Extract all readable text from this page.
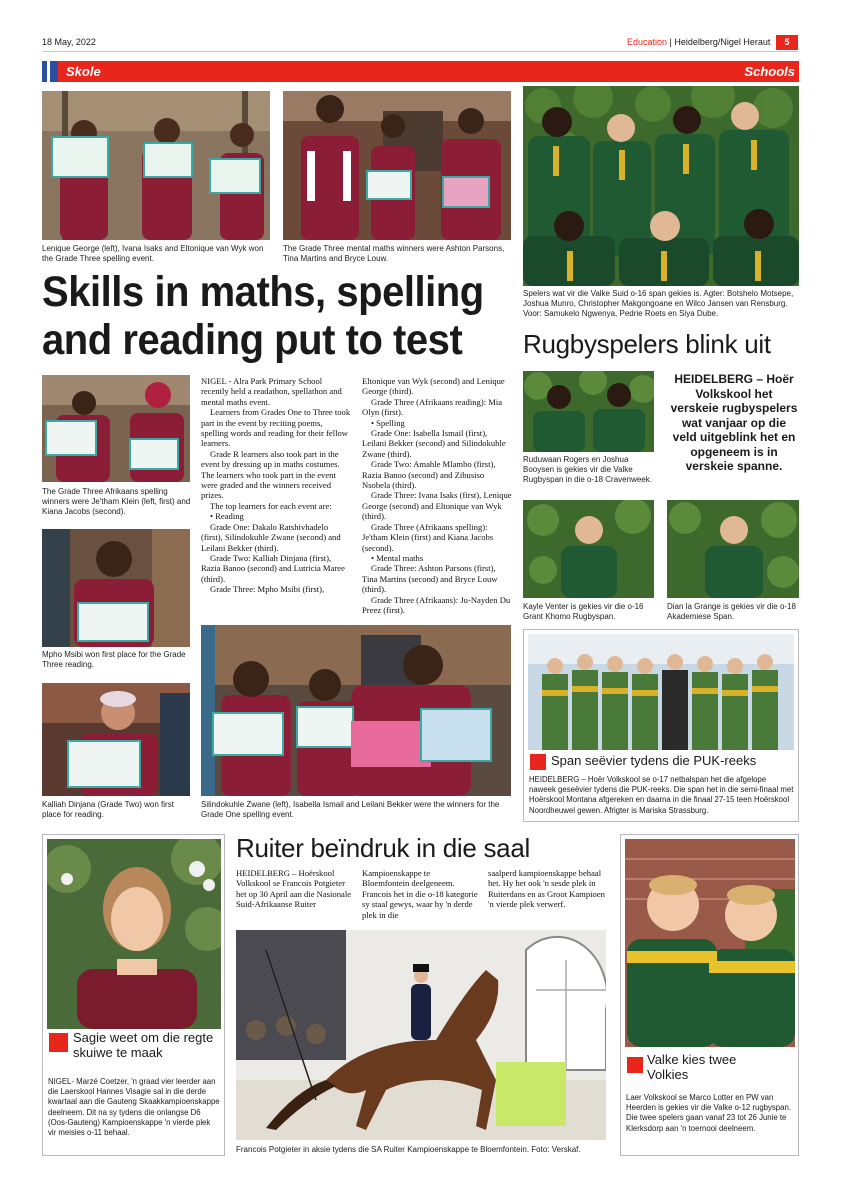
18 May, 2022	Education | Heidelberg/Nigel Heraut	5
Skole	Schools
Lenique George (left), Ivana Isaks and Eltonique van Wyk won the Grade Three spelling event.
The Grade Three mental maths winners were Ashton Parsons, Tina Martins and Bryce Louw.
Spelers wat vir die Valke Suid o-16 span gekies is. Agter: Botshelo Motsepe, Joshua Munro, Christopher Makgongoane en Wilco Jansen van Rensburg. Voor: Samukelo Ngwenya, Pedrie Roets en Siya Dube.
Skills in maths, spelling
and reading put to test
The Grade Three Afrikaans spelling winners were Je'tham Klein (left, first) and Kiana Jacobs (second).
Mpho Msibi won first place for the Grade Three reading.
Kalliah Dinjana (Grade Two) won first place for reading.

NIGEL - Alra Park Primary School recently held a readathon, spellathon and mental maths event.

Learners from Grades One to Three took part in the event by reciting poems, spelling words and reading for their fellow learners.

Grade R learners also took part in the event by dressing up in maths costumes. The learners who took part in the event were graded and the winners received prizes.

The top learners for each event are:

• Reading

Grade One: Dakalo Ratshivhadelo (first), Silindokuhle Zwane (second) and Leilani Bekker (third).

Grade Two: Kalliah Dinjana (first), Razia Banoo (second) and Lutricia Maree (third).

Grade Three: Mpho Msibi (first),

Eltonique van Wyk (second) and Lenique George (third).

Grade Three (Afrikaans reading): Mia Olyn (first).

• Spelling

Grade One: Isabella Ismail (first), Leilani Bekker (second) and Silindokuhle Zwane (third).

Grade Two: Amahle Mlambo (first), Razia Banoo (second) and Zibusiso Nsobela (third).

Grade Three: Ivana Isaks (first), Lenique George (second) and Eltonique van Wyk (third).

Grade Three (Afrikaans spelling): Je'tham Klein (first) and Kiana Jacobs (second).

• Mental maths

Grade Three: Ashton Parsons (first), Tina Martins (second) and Bryce Louw (third).

Grade Three (Afrikaans): Ju-Nayden Du Preez (first).

Silindokuhle Zwane (left), Isabella Ismail and Leilani Bekker were the winners for the Grade One spelling event.
Rugbyspelers blink uit
Ruduwaan Rogers en Joshua Booysen is gekies vir die Valke Rugbyspan in die o-18 Cravenweek.
HEIDELBERG – Hoër Volkskool het verskeie rugbyspelers wat vanjaar op die veld uitgeblink het en opgeneem is in verskeie spanne.
Kayle Venter is gekies vir die o-16 Grant Khomo Rugbyspan.
Dian la Grange is gekies vir die o-18 Akademiese Span.
Span seëvier tydens die PUK-reeks
HEIDELBERG – Hoër Volkskool se o-17 netbalspan het die afgelope naweek geseëvier tydens die PUK-reeks. Die span het in die semi-finaal met Hoërskool Montana afgereken en daarna in die finaal 27-15 teen Hoërskool Noordheuwel gewen. Afrigter is Mariska Strassburg.
Sagie weet om die regte skuiwe te maak
NIGEL- Marzé Coetzer, 'n graad vier leerder aan die Laerskool Hannes Visagie sal in die derde kwartaal aan die Gauteng Skaakkampioenskappe deelneem. Dit na sy tydens die onlangse D6 (Oos-Gauteng) Kampioenskappe 'n vierde plek vir meisies o-11 behaal.
Ruiter beïndruk in die saal
HEIDELBERG – Hoërskool Volkskool se Francois Potgieter het op 30 April aan die Nasionale Suid-Afrikaanse Ruiter
Kampioenskappe te Bloemfontein deelgeneem. Francois het in die o-18 kategorie sy staal gewys, waar hy 'n derde plek in die
saalperd kampioenskappe behaal het. Hy het ook 'n sesde plek in Ruiterdans en as Groot Kampioen 'n vierde plek verwerf.
Francois Potgieter in aksie tydens die SA Ruiter Kampioenskappe te Bloemfontein. Foto: Verskaf.
Valke kies twee Volkies
Laer Volkskool se Marco Lotter en PW van Heerden is gekies vir die Valke o-12 rugbyspan. Die twee spelers gaan vanaf 23 tot 26 Junie te Klerksdorp aan 'n toernooi deelneem.
